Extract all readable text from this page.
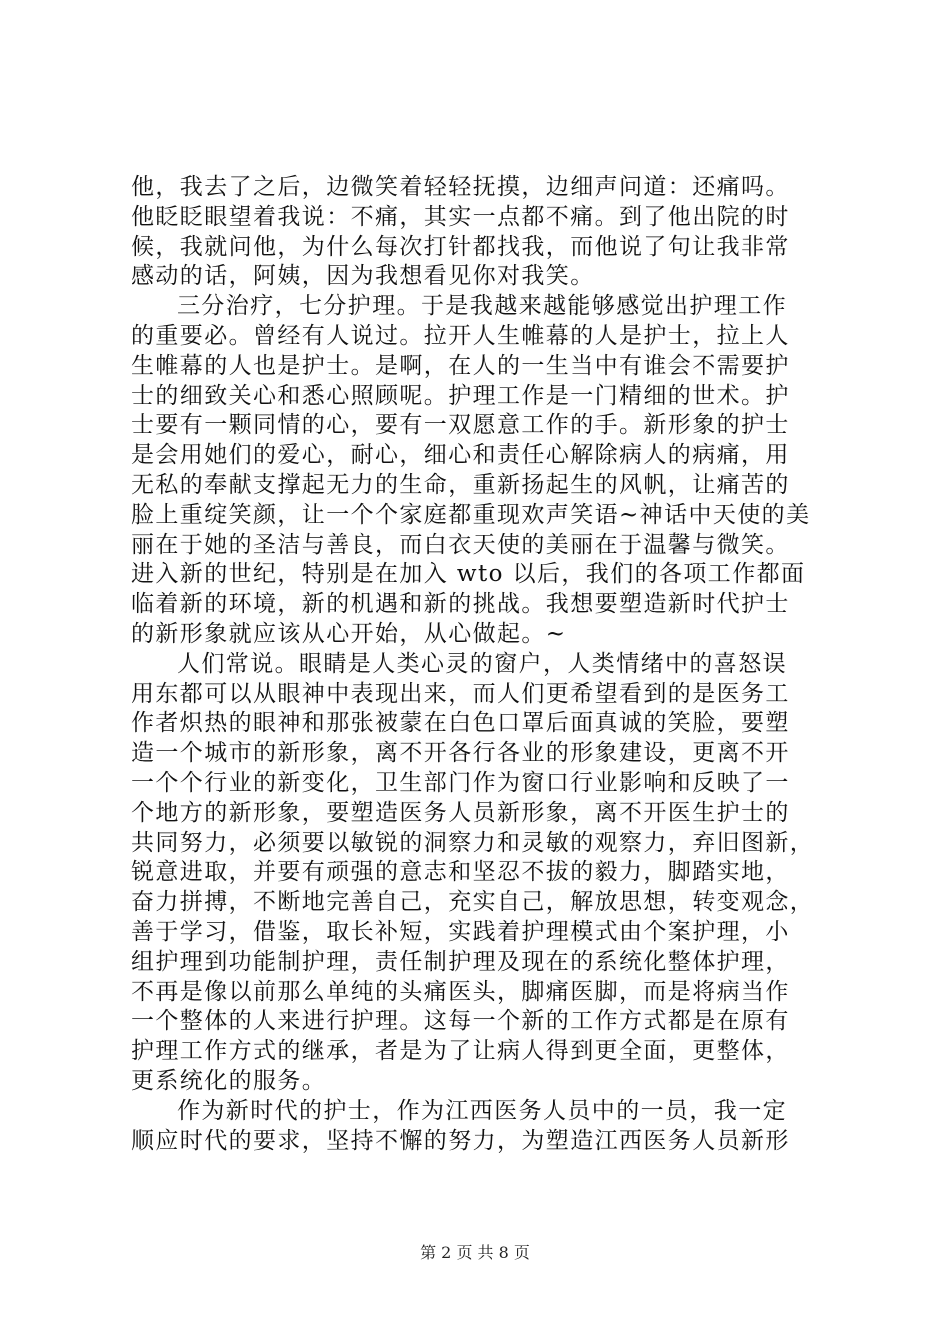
他，我去了之后，边微笑着轻轻抚摸，边细声问道：还痛吗。
他眨眨眼望着我说：不痛，其实一点都不痛。到了他出院的时
候，我就问他，为什么每次打针都找我，而他说了句让我非常
感动的话，阿姨，因为我想看见你对我笑。
三分治疗，七分护理。于是我越来越能够感觉出护理工作
的重要必。曾经有人说过。拉开人生帷幕的人是护士，拉上人
生帷幕的人也是护士。是啊，在人的一生当中有谁会不需要护
士的细致关心和悉心照顾呢。护理工作是一门精细的世术。护
士要有一颗同情的心，要有一双愿意工作的手。新形象的护士
是会用她们的爱心，耐心，细心和责任心解除病人的病痛，用
无私的奉献支撑起无力的生命，重新扬起生的风帆，让痛苦的
脸上重绽笑颜，让一个个家庭都重现欢声笑语~神话中天使的美
丽在于她的圣洁与善良，而白衣天使的美丽在于温馨与微笑。
进入新的世纪，特别是在加入 wto 以后，我们的各项工作都面
临着新的环境，新的机遇和新的挑战。我想要塑造新时代护士
的新形象就应该从心开始，从心做起。~
人们常说。眼睛是人类心灵的窗户，人类情绪中的喜怒误
用东都可以从眼神中表现出来，而人们更希望看到的是医务工
作者炽热的眼神和那张被蒙在白色口罩后面真诚的笑脸，要塑
造一个城市的新形象，离不开各行各业的形象建设，更离不开
一个个行业的新变化，卫生部门作为窗口行业影响和反映了一
个地方的新形象，要塑造医务人员新形象，离不开医生护士的
共同努力，必须要以敏锐的洞察力和灵敏的观察力，弃旧图新，
锐意进取，并要有顽强的意志和坚忍不拔的毅力，脚踏实地，
奋力拼搏，不断地完善自己，充实自己，解放思想，转变观念，
善于学习，借鉴，取长补短，实践着护理模式由个案护理，小
组护理到功能制护理，责任制护理及现在的系统化整体护理，
不再是像以前那么单纯的头痛医头，脚痛医脚，而是将病当作
一个整体的人来进行护理。这每一个新的工作方式都是在原有
护理工作方式的继承，者是为了让病人得到更全面，更整体，
更系统化的服务。
作为新时代的护士，作为江西医务人员中的一员，我一定
顺应时代的要求，坚持不懈的努力，为塑造江西医务人员新形
第 2 页 共 8 页
